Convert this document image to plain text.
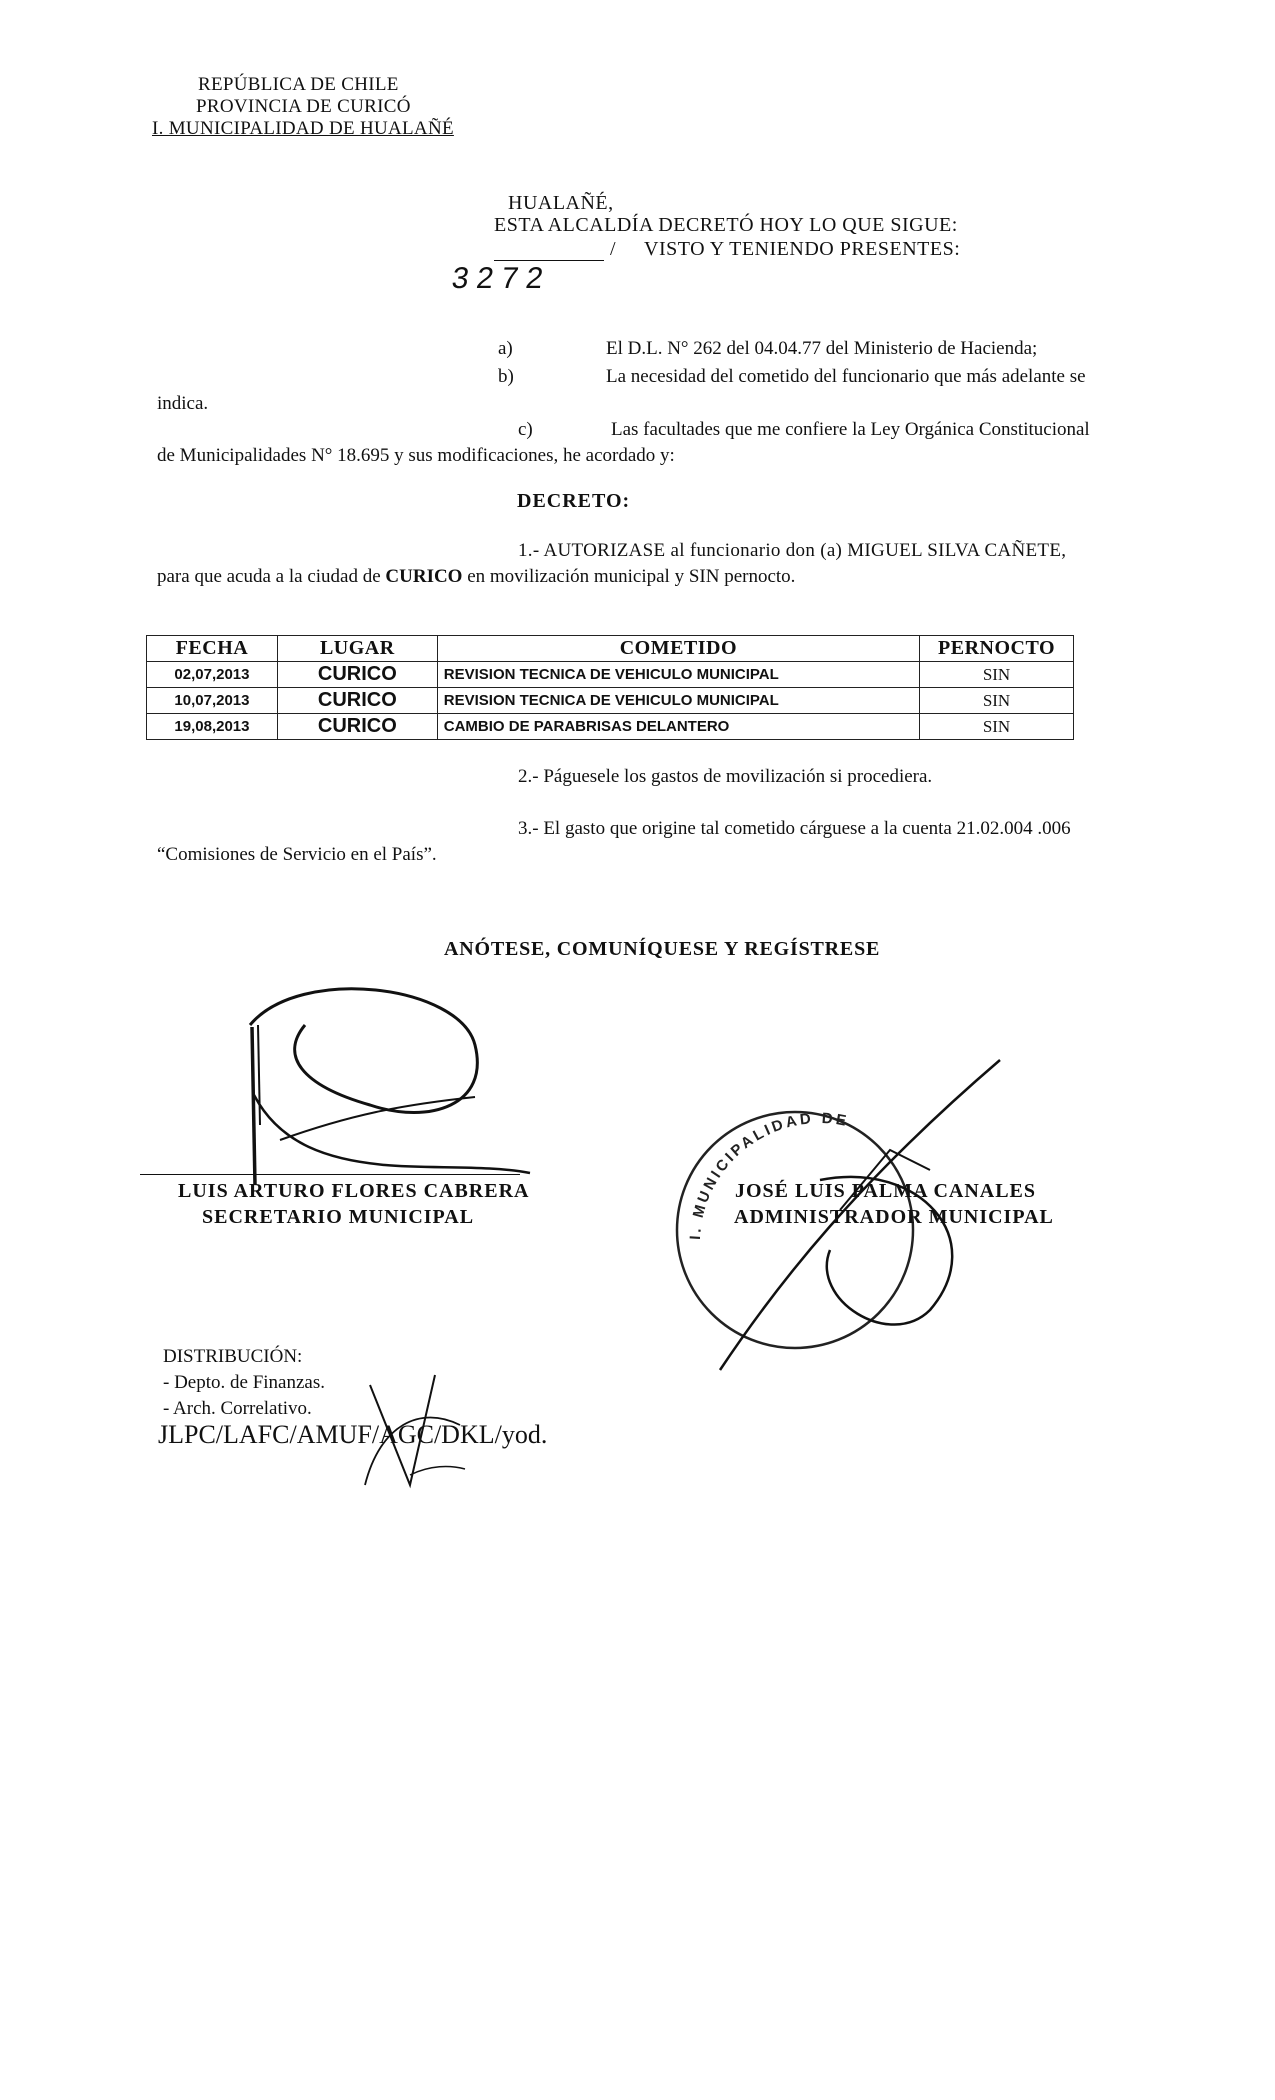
REPÚBLICA DE CHILE
PROVINCIA DE CURICÓ
I. MUNICIPALIDAD DE HUALAÑÉ
HUALAÑÉ,
ESTA ALCALDÍA DECRETÓ HOY LO QUE SIGUE:
/ VISTO Y TENIENDO PRESENTES:
3272
a)	El D.L. N° 262 del 04.04.77 del Ministerio de Hacienda;
b)	La necesidad del cometido del funcionario que más adelante se
indica.
c)	Las facultades que me confiere la Ley Orgánica Constitucional
de Municipalidades N° 18.695 y sus modificaciones, he acordado y:
DECRETO:
1.- AUTORIZASE al funcionario don (a) MIGUEL SILVA CAÑETE,
para que acuda a la ciudad de CURICO en movilización municipal y SIN pernocto.
FECHA	LUGAR	COMETIDO	PERNOCTO
02,07,2013	CURICO	REVISION TECNICA DE VEHICULO MUNICIPAL	SIN
10,07,2013	CURICO	REVISION TECNICA DE VEHICULO MUNICIPAL	SIN
19,08,2013	CURICO	CAMBIO DE PARABRISAS DELANTERO	SIN
2.- Páguesele los gastos de movilización si procediera.
3.- El gasto que origine tal cometido cárguese a la cuenta 21.02.004 .006
“Comisiones de Servicio en el País”.
ANÓTESE, COMUNÍQUESE Y REGÍSTRESE
LUIS ARTURO FLORES CABRERA
SECRETARIO MUNICIPAL
I. MUNICIPALIDAD DE
JOSÉ LUIS PALMA CANALES
ADMINISTRADOR MUNICIPAL
DISTRIBUCIÓN:
- Depto. de Finanzas.
- Arch. Correlativo.
JLPC/LAFC/AMUF/AGC/DKL/yod.
